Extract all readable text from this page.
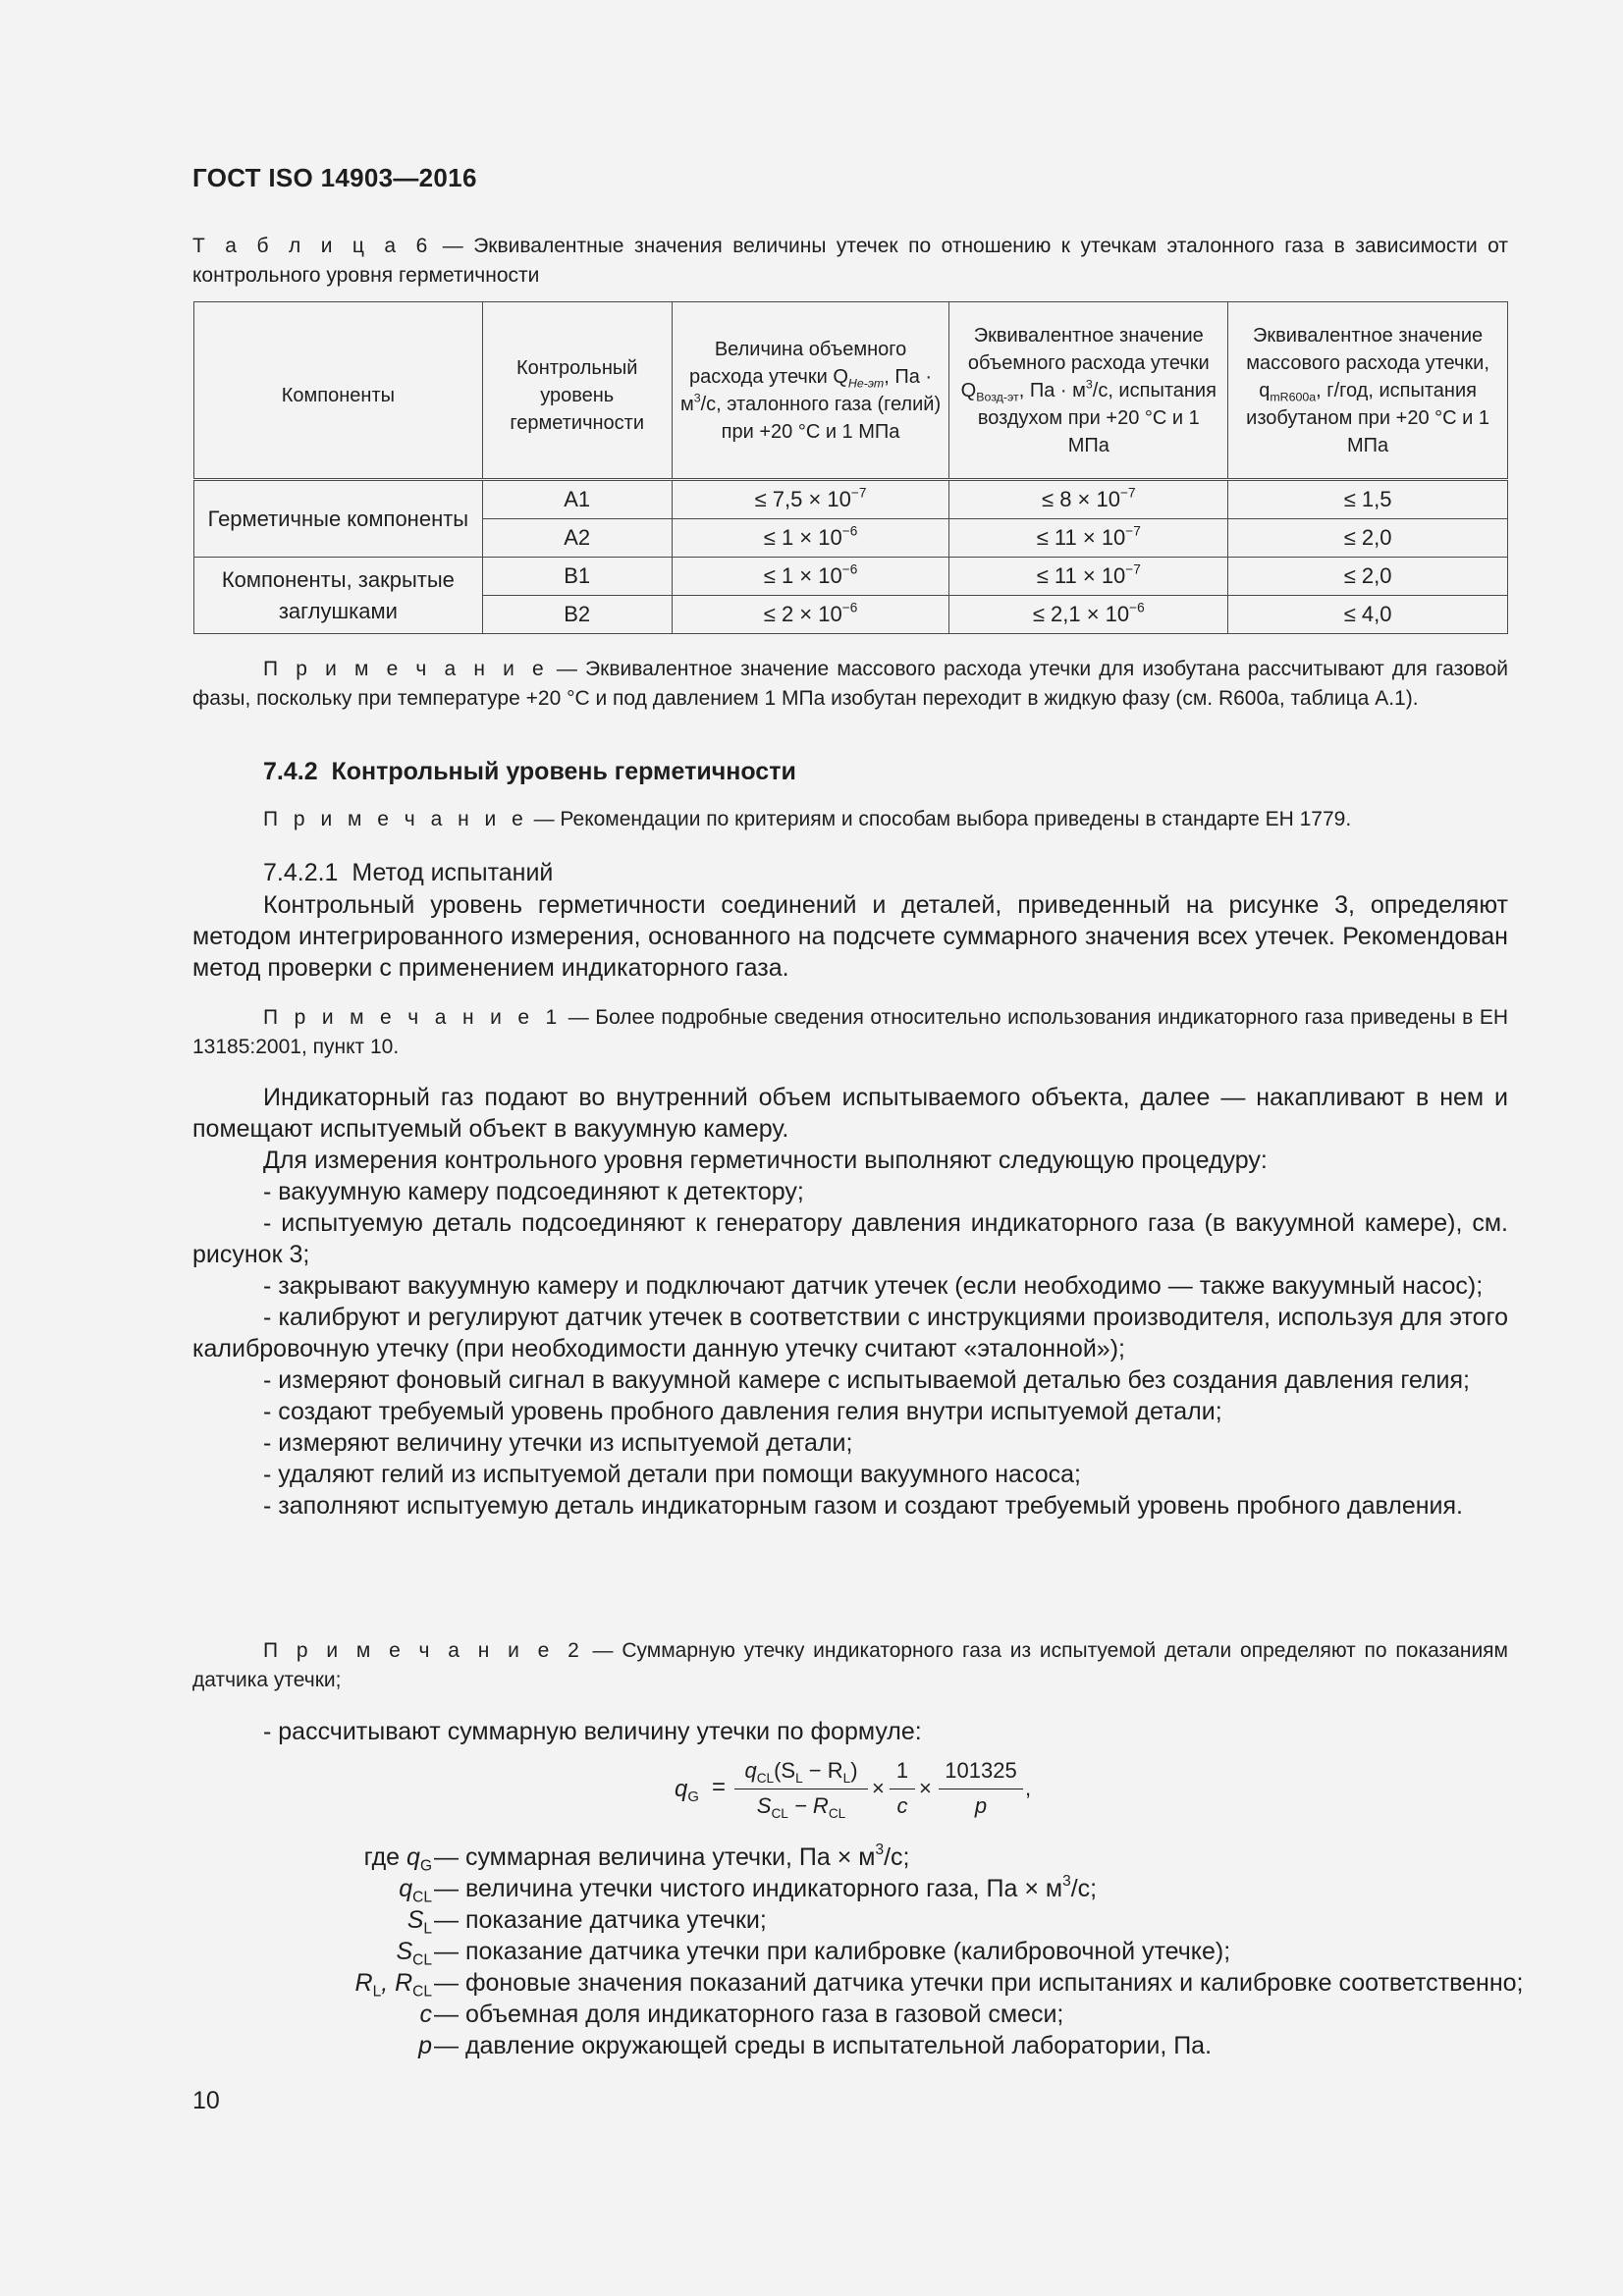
ГОСТ ISO 14903—2016
Т а б л и ц а 6 — Эквивалентные значения величины утечек по отношению к утечкам эталонного газа в зависимости от контрольного уровня герметичности
Компоненты	Контрольный уровень герметичности	Величина объемного расхода утечки $Q_{He-эт}$, Па · $м^3/с$, эталонного газа (гелий) при +20 °С и 1 МПа	Эквивалентное значение объемного расхода утечки $Q_{Возд-эт}$, Па · $м^3/с$, испытания воздухом при +20 °С и 1 МПа	Эквивалентное значение массового расхода утечки, $q_{mR600a}$, г/год, испытания изобутаном при +20 °С и 1 МПа
Герметичные компоненты	А1	≤ $7,5 \times 10^{-7}$	≤ $8 \times 10^{-7}$	≤ 1,5
	А2	≤ $1 \times 10^{-6}$	≤ $11 \times 10^{-7}$	≤ 2,0
Компоненты, закрытые заглушками	В1	≤ $1 \times 10^{-6}$	≤ $11 \times 10^{-7}$	≤ 2,0
	В2	≤ $2 \times 10^{-6}$	≤ $2,1 \times 10^{-6}$	≤ 4,0
П р и м е ч а н и е — Эквивалентное значение массового расхода утечки для изобутана рассчитывают для газовой фазы, поскольку при температуре +20 °С и под давлением 1 МПа изобутан переходит в жидкую фазу (см. R600a, таблица А.1).
7.4.2 Контрольный уровень герметичности
П р и м е ч а н и е — Рекомендации по критериям и способам выбора приведены в стандарте ЕН 1779.
7.4.2.1 Метод испытаний
Контрольный уровень герметичности соединений и деталей, приведенный на рисунке 3, определяют методом интегрированного измерения, основанного на подсчете суммарного значения всех утечек. Рекомендован метод проверки с применением индикаторного газа.
П р и м е ч а н и е 1 — Более подробные сведения относительно использования индикаторного газа приведены в ЕН 13185:2001, пункт 10.

Индикаторный газ подают во внутренний объем испытываемого объекта, далее — накапливают в нем и помещают испытуемый объект в вакуумную камеру.

Для измерения контрольного уровня герметичности выполняют следующую процедуру:

- вакуумную камеру подсоединяют к детектору;

- испытуемую деталь подсоединяют к генератору давления индикаторного газа (в вакуумной камере), см. рисунок 3;

- закрывают вакуумную камеру и подключают датчик утечек (если необходимо — также вакуумный насос);

- калибруют и регулируют датчик утечек в соответствии с инструкциями производителя, используя для этого калибровочную утечку (при необходимости данную утечку считают «эталонной»);

- измеряют фоновый сигнал в вакуумной камере с испытываемой деталью без создания давления гелия;

- создают требуемый уровень пробного давления гелия внутри испытуемой детали;

- измеряют величину утечки из испытуемой детали;

- удаляют гелий из испытуемой детали при помощи вакуумного насоса;

- заполняют испытуемую деталь индикаторным газом и создают требуемый уровень пробного давления.

П р и м е ч а н и е 2 — Суммарную утечку индикаторного газа из испытуемой детали определяют по показаниям датчика утечки;
- рассчитывают суммарную величину утечки по формуле:
$q_G$ =
$q_{CL}(S_L - R_L)$
$S_{CL} - R_{CL}$
×
1
c
×
101325
p
,
где $q_G$ — суммарная величина утечки, Па × $м^3/с$;
$q_{CL}$ — величина утечки чистого индикаторного газа, Па × $м^3/с$;
$S_L$ — показание датчика утечки;
$S_{CL}$ — показание датчика утечки при калибровке (калибровочной утечке);
$R_L$, $R_{CL}$ — фоновые значения показаний датчика утечки при испытаниях и калибровке соответственно;
c — объемная доля индикаторного газа в газовой смеси;
p — давление окружающей среды в испытательной лаборатории, Па.
10
